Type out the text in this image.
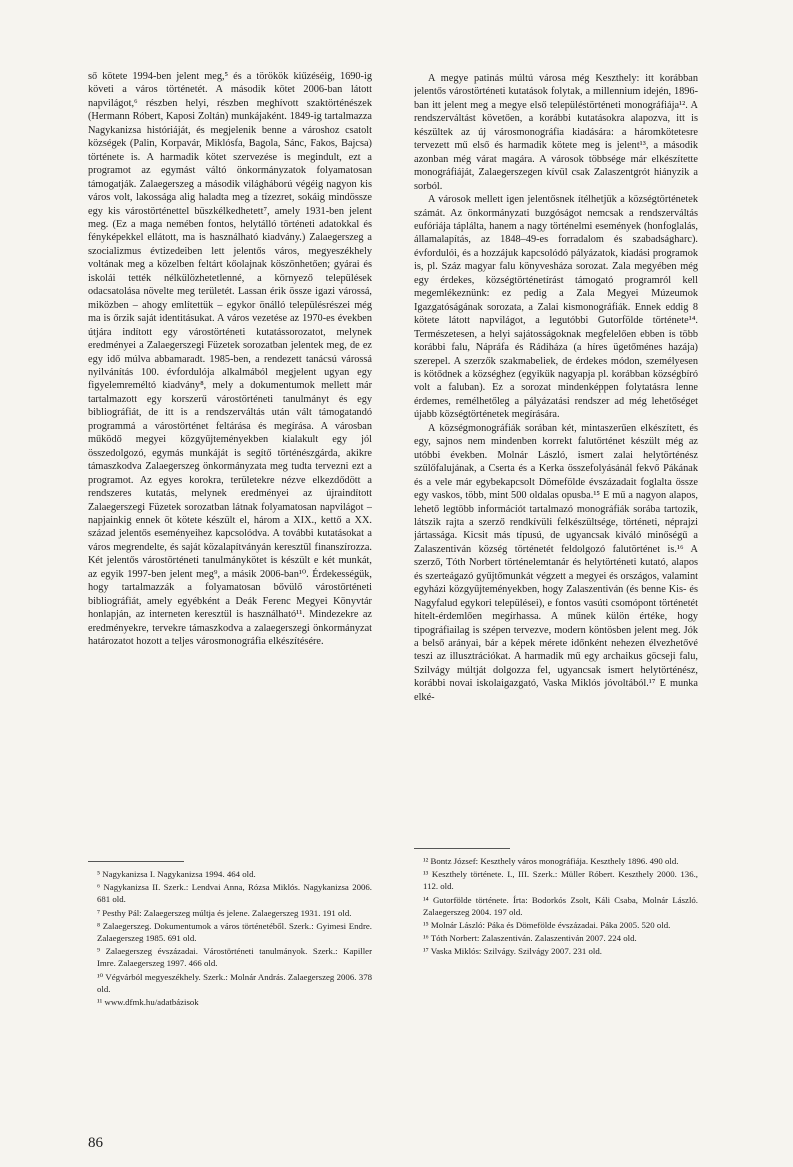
ső kötete 1994-ben jelent meg,⁵ és a törökök kiűzéséig, 1690-ig követi a város történetét. A második kötet 2006-ban látott napvilágot,⁶ részben helyi, részben meghívott szaktörténészek (Hermann Róbert, Kaposi Zoltán) munkájaként. 1849-ig tartalmazza Nagykanizsa históriáját, és megjelenik benne a városhoz csatolt községek (Palin, Korpavár, Miklósfa, Bagola, Sánc, Fakos, Bajcsa) története is. A harmadik kötet szervezése is megindult, ezt a programot az egymást váltó önkormányzatok folyamatosan támogatják. Zalaegerszeg a második világháború végéig nagyon kis város volt, lakossága alig haladta meg a tízezret, sokáig mindössze egy kis várostörténettel büszkélkedhetett⁷, amely 1931-ben jelent meg. (Ez a maga nemében fontos, helytálló történeti adatokkal és fényképekkel ellátott, ma is használható kiadvány.) Zalaegerszeg a szocializmus évtizedeiben lett jelentős város, megyeszékhely voltának meg a közelben feltárt kőolajnak köszönhetően; gyárai és iskolái tették nélkülözhetetlenné, a környező települések odacsatolása növelte meg területét. Lassan érik össze igazi várossá, miközben – ahogy említettük – egykor önálló településrészei még ma is őrzik saját identitásukat. A város vezetése az 1970-es években útjára indított egy várostörténeti kutatássorozatot, melynek eredményei a Zalaegerszegi Füzetek sorozatban jelentek meg, de ez egy idő múlva abbamaradt. 1985-ben, a rendezett tanácsú várossá nyilvánítás 100. évfordulója alkalmából megjelent ugyan egy figyelemreméltó kiadvány⁸, mely a dokumentumok mellett már tartalmazott egy korszerű várostörténeti tanulmányt és egy bibliográfiát, de itt is a rendszerváltás után vált támogatandó programmá a várostörténet feltárása és megírása. A városban működő megyei közgyűjteményekben kialakult egy jól összedolgozó, egymás munkáját is segítő történészgárda, akikre támaszkodva Zalaegerszeg önkormányzata meg tudta tervezni ezt a programot. Az egyes korokra, területekre nézve elkezdődött a rendszeres kutatás, melynek eredményei az újraindított Zalaegerszegi Füzetek sorozatban látnak folyamatosan napvilágot – napjainkig ennek öt kötete készült el, három a XIX., kettő a XX. század jelentős eseményeihez kapcsolódva. A további kutatásokat a város megrendelte, és saját közalapítványán keresztül finanszírozza. Két jelentős várostörténeti tanulmánykötet is készült e két munkát, az egyik 1997-ben jelent meg⁹, a másik 2006-ban¹⁰. Érdekességük, hogy tartalmazzák a folyamatosan bővülő várostörténeti bibliográfiát, amely egyébként a Deák Ferenc Megyei Könyvtár honlapján, az interneten keresztül is használható¹¹. Mindezekre az eredményekre, tervekre támaszkodva a zalaegerszegi önkormányzat határozatot hozott a teljes városmonográfia elkészítésére.

⁵ Nagykanizsa I. Nagykanizsa 1994. 464 old.

⁶ Nagykanizsa II. Szerk.: Lendvai Anna, Rózsa Miklós. Nagykanizsa 2006. 681 old.

⁷ Pesthy Pál: Zalaegerszeg múltja és jelene. Zalaegerszeg 1931. 191 old.

⁸ Zalaegerszeg. Dokumentumok a város történetéből. Szerk.: Gyimesi Endre. Zalaegerszeg 1985. 691 old.

⁹ Zalaegerszeg évszázadai. Várostörténeti tanulmányok. Szerk.: Kapiller Imre. Zalaegerszeg 1997. 466 old.

¹⁰ Végvárból megyeszékhely. Szerk.: Molnár András. Zalaegerszeg 2006. 378 old.

¹¹ www.dfmk.hu/adatbázisok

A megye patinás múltú városa még Keszthely: itt korábban jelentős várostörténeti kutatások folytak, a millennium idején, 1896-ban itt jelent meg a megye első településtörténeti monográfiája¹². A rendszerváltást követően, a korábbi kutatásokra alapozva, itt is készültek az új városmonográfia kiadására: a háromkötetesre tervezett mű első és harmadik kötete meg is jelent¹³, a második azonban még várat magára. A városok többsége már elkészítette monográfiáját, Zalaegerszegen kívül csak Zalaszentgrót hiányzik a sorból.

A városok mellett igen jelentősnek ítélhetjük a községtörténetek számát. Az önkormányzati buzgóságot nemcsak a rendszerváltás eufóriája táplálta, hanem a nagy történelmi események (honfoglalás, államalapítás, az 1848–49-es forradalom és szabadságharc). évfordulói, és a hozzájuk kapcsolódó pályázatok, kiadási programok is, pl. Száz magyar falu könyvesháza sorozat. Zala megyében még egy érdekes, községtörténetírást támogató programról kell megemlékeznünk: ez pedig a Zala Megyei Múzeumok Igazgatóságának sorozata, a Zalai kismonográfiák. Ennek eddig 8 kötete látott napvilágot, a legutóbbi Gutorfölde története¹⁴. Természetesen, a helyi sajátosságoknak megfelelően ebben is több korábbi falu, Nápráfa és Rádiháza (a híres ügetőménes hazája) szerepel. A szerzők szakmabeliek, de érdekes módon, személyesen is kötődnek a községhez (egyikük nagyapja pl. korábban községbíró volt a faluban). Ez a sorozat mindenképpen folytatásra lenne érdemes, remélhetőleg a pályázatási rendszer ad még lehetőséget újabb községtörténetek megírására.

A községmonográfiák sorában két, mintaszerűen elkészített, és egy, sajnos nem mindenben korrekt falutörténet készült még az utóbbi években. Molnár László, ismert zalai helytörténész szülőfalujának, a Cserta és a Kerka összefolyásánál fekvő Pákának és a vele már egybekapcsolt Dömefölde évszázadait foglalta össze egy vaskos, több, mint 500 oldalas opusba.¹⁵ E mű a nagyon alapos, lehető legtöbb információt tartalmazó monográfiák sorába tartozik, látszik rajta a szerző rendkívüli felkészültsége, történeti, néprajzi jártassága. Kicsit más típusú, de ugyancsak kiváló minőségű a Zalaszentiván község történetét feldolgozó falutörténet is.¹⁶ A szerző, Tóth Norbert történelemtanár és helytörténeti kutató, alapos és szerteágazó gyűjtőmunkát végzett a megyei és országos, valamint egyházi közgyűjteményekben, hogy Zalaszentiván (és benne Kis- és Nagyfalud egykori települései), e fontos vasúti csomópont történetét hitelt-érdemlően megírhassa. A műnek külön értéke, hogy tipográfiailag is szépen tervezve, modern köntösben jelent meg. Jók a belső arányai, bár a képek mérete időnként nehezen élvezhetővé teszi az illusztrációkat. A harmadik mű egy archaikus göcseji falu, Szilvágy múltját dolgozza fel, ugyancsak ismert helytörténész, korábbi novai iskolaigazgató, Vaska Miklós jóvoltából.¹⁷ E munka elké-

¹² Bontz József: Keszthely város monográfiája. Keszthely 1896. 490 old.

¹³ Keszthely története. I., III. Szerk.: Müller Róbert. Keszthely 2000. 136., 112. old.

¹⁴ Gutorfölde története. Írta: Bodorkós Zsolt, Káli Csaba, Molnár László. Zalaegerszeg 2004. 197 old.

¹⁵ Molnár László: Páka és Dömefölde évszázadai. Páka 2005. 520 old.

¹⁶ Tóth Norbert: Zalaszentiván. Zalaszentiván 2007. 224 old.

¹⁷ Vaska Miklós: Szilvágy. Szilvágy 2007. 231 old.

86
